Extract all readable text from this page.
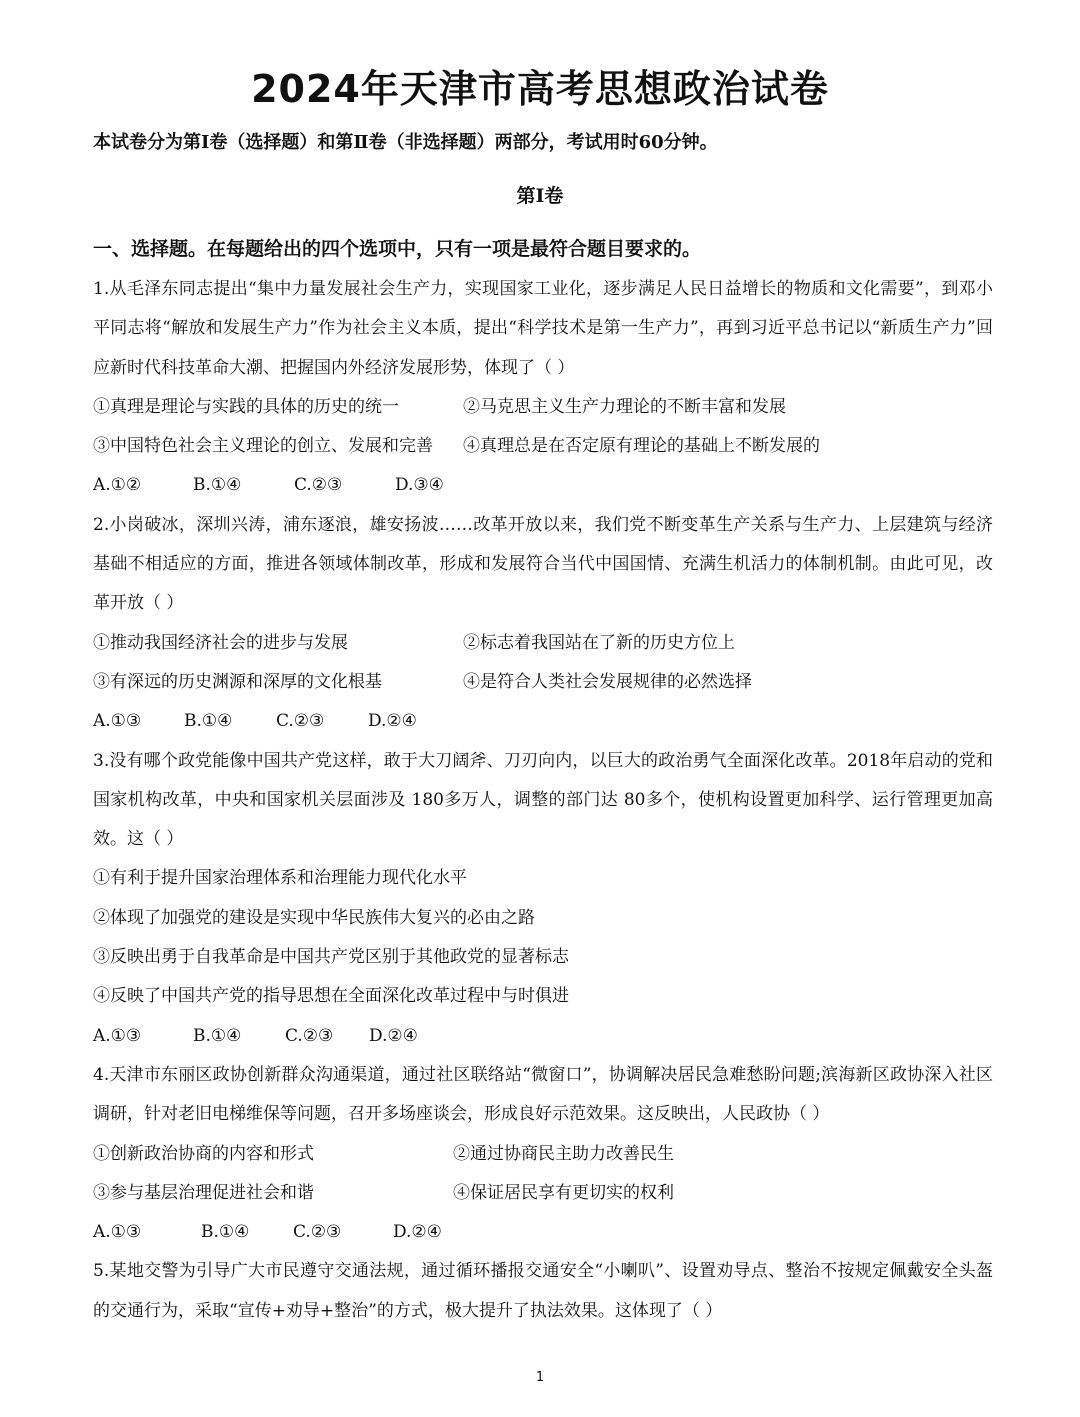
2024年天津市高考思想政治试卷
本试卷分为第Ⅰ卷（选择题）和第Ⅱ卷（非选择题）两部分，考试用时60分钟。
第Ⅰ卷
一、选择题。在每题给出的四个选项中，只有一项是最符合题目要求的。
1.从毛泽东同志提出“集中力量发展社会生产力，实现国家工业化，逐步满足人民日益增长的物质和文化需要”，到邓小平同志将“解放和发展生产力”作为社会主义本质，提出“科学技术是第一生产力”，再到习近平总书记以“新质生产力”回应新时代科技革命大潮、把握国内外经济发展形势，体现了（ ）
①真理是理论与实践的具体的历史的统一	②马克思主义生产力理论的不断丰富和发展
③中国特色社会主义理论的创立、发展和完善	④真理总是在否定原有理论的基础上不断发展的
A.①②	B.①④	C.②③	D.③④
2.小岗破冰，深圳兴涛，浦东逐浪，雄安扬波……改革开放以来，我们党不断变革生产关系与生产力、上层建筑与经济基础不相适应的方面，推进各领域体制改革，形成和发展符合当代中国国情、充满生机活力的体制机制。由此可见，改革开放（ ）
①推动我国经济社会的进步与发展	②标志着我国站在了新的历史方位上
③有深远的历史渊源和深厚的文化根基	④是符合人类社会发展规律的必然选择
A.①③	B.①④	C.②③	D.②④
3.没有哪个政党能像中国共产党这样，敢于大刀阔斧、刀刃向内，以巨大的政治勇气全面深化改革。2018年启动的党和国家机构改革，中央和国家机关层面涉及 180多万人，调整的部门达 80多个，使机构设置更加科学、运行管理更加高效。这（ ）
①有利于提升国家治理体系和治理能力现代化水平
②体现了加强党的建设是实现中华民族伟大复兴的必由之路
③反映出勇于自我革命是中国共产党区别于其他政党的显著标志
④反映了中国共产党的指导思想在全面深化改革过程中与时俱进
A.①③	B.①④	C.②③	D.②④
4.天津市东丽区政协创新群众沟通渠道，通过社区联络站“微窗口”，协调解决居民急难愁盼问题;滨海新区政协深入社区调研，针对老旧电梯维保等问题，召开多场座谈会，形成良好示范效果。这反映出，人民政协（ ）
①创新政治协商的内容和形式	②通过协商民主助力改善民生
③参与基层治理促进社会和谐	④保证居民享有更切实的权利
A.①③	B.①④	C.②③	D.②④
5.某地交警为引导广大市民遵守交通法规，通过循环播报交通安全“小喇叭”、设置劝导点、整治不按规定佩戴安全头盔的交通行为，采取“宣传+劝导+整治”的方式，极大提升了执法效果。这体现了（ ）
1
